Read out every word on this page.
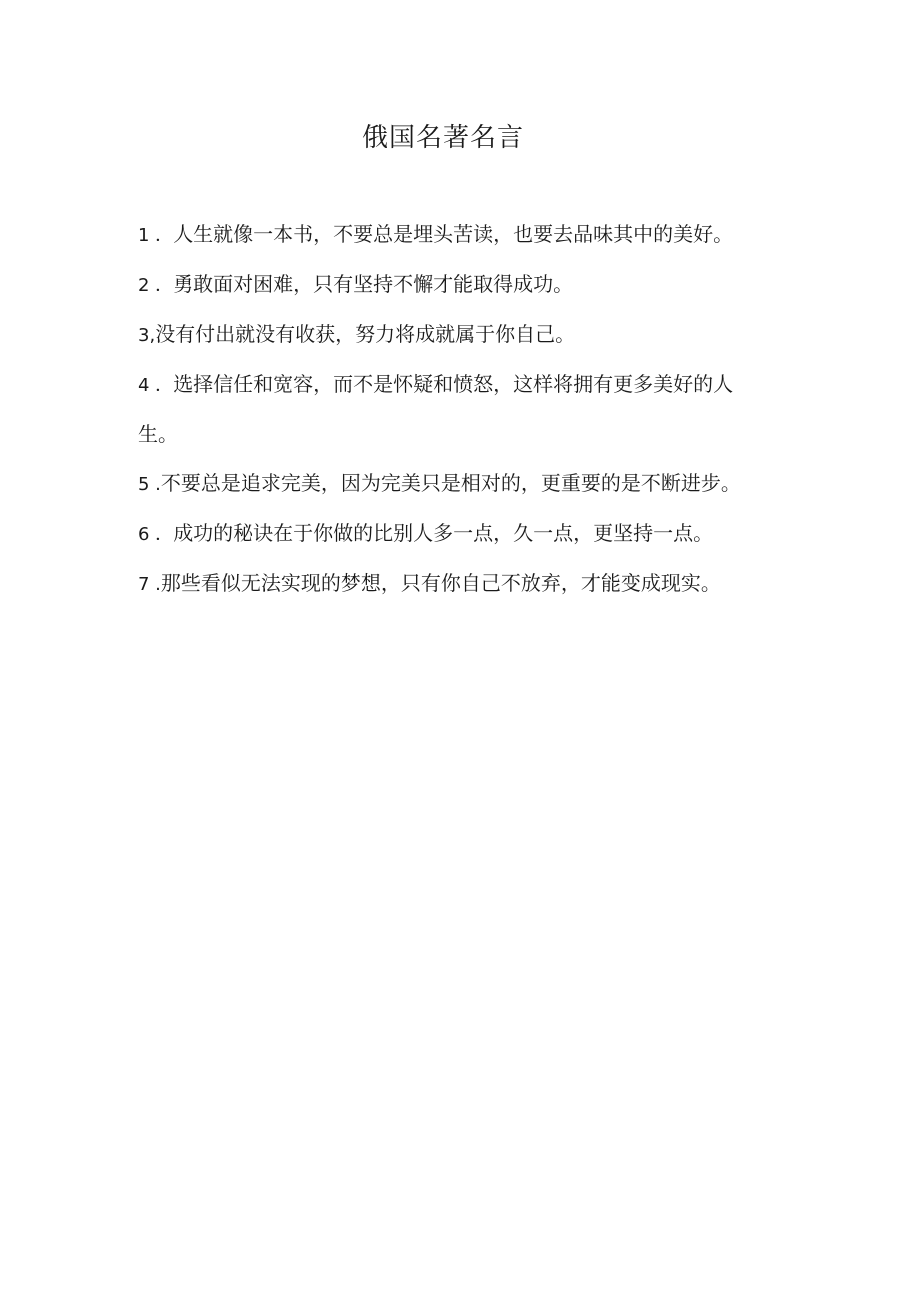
俄国名著名言
1 ．人生就像一本书，不要总是埋头苦读，也要去品味其中的美好。
2 ．勇敢面对困难，只有坚持不懈才能取得成功。
3,没有付出就没有收获，努力将成就属于你自己。
4 ．选择信任和宽容，而不是怀疑和愤怒，这样将拥有更多美好的人生。
5 .不要总是追求完美，因为完美只是相对的，更重要的是不断进步。
6 ．成功的秘诀在于你做的比别人多一点，久一点，更坚持一点。
7 .那些看似无法实现的梦想，只有你自己不放弃，才能变成现实。
